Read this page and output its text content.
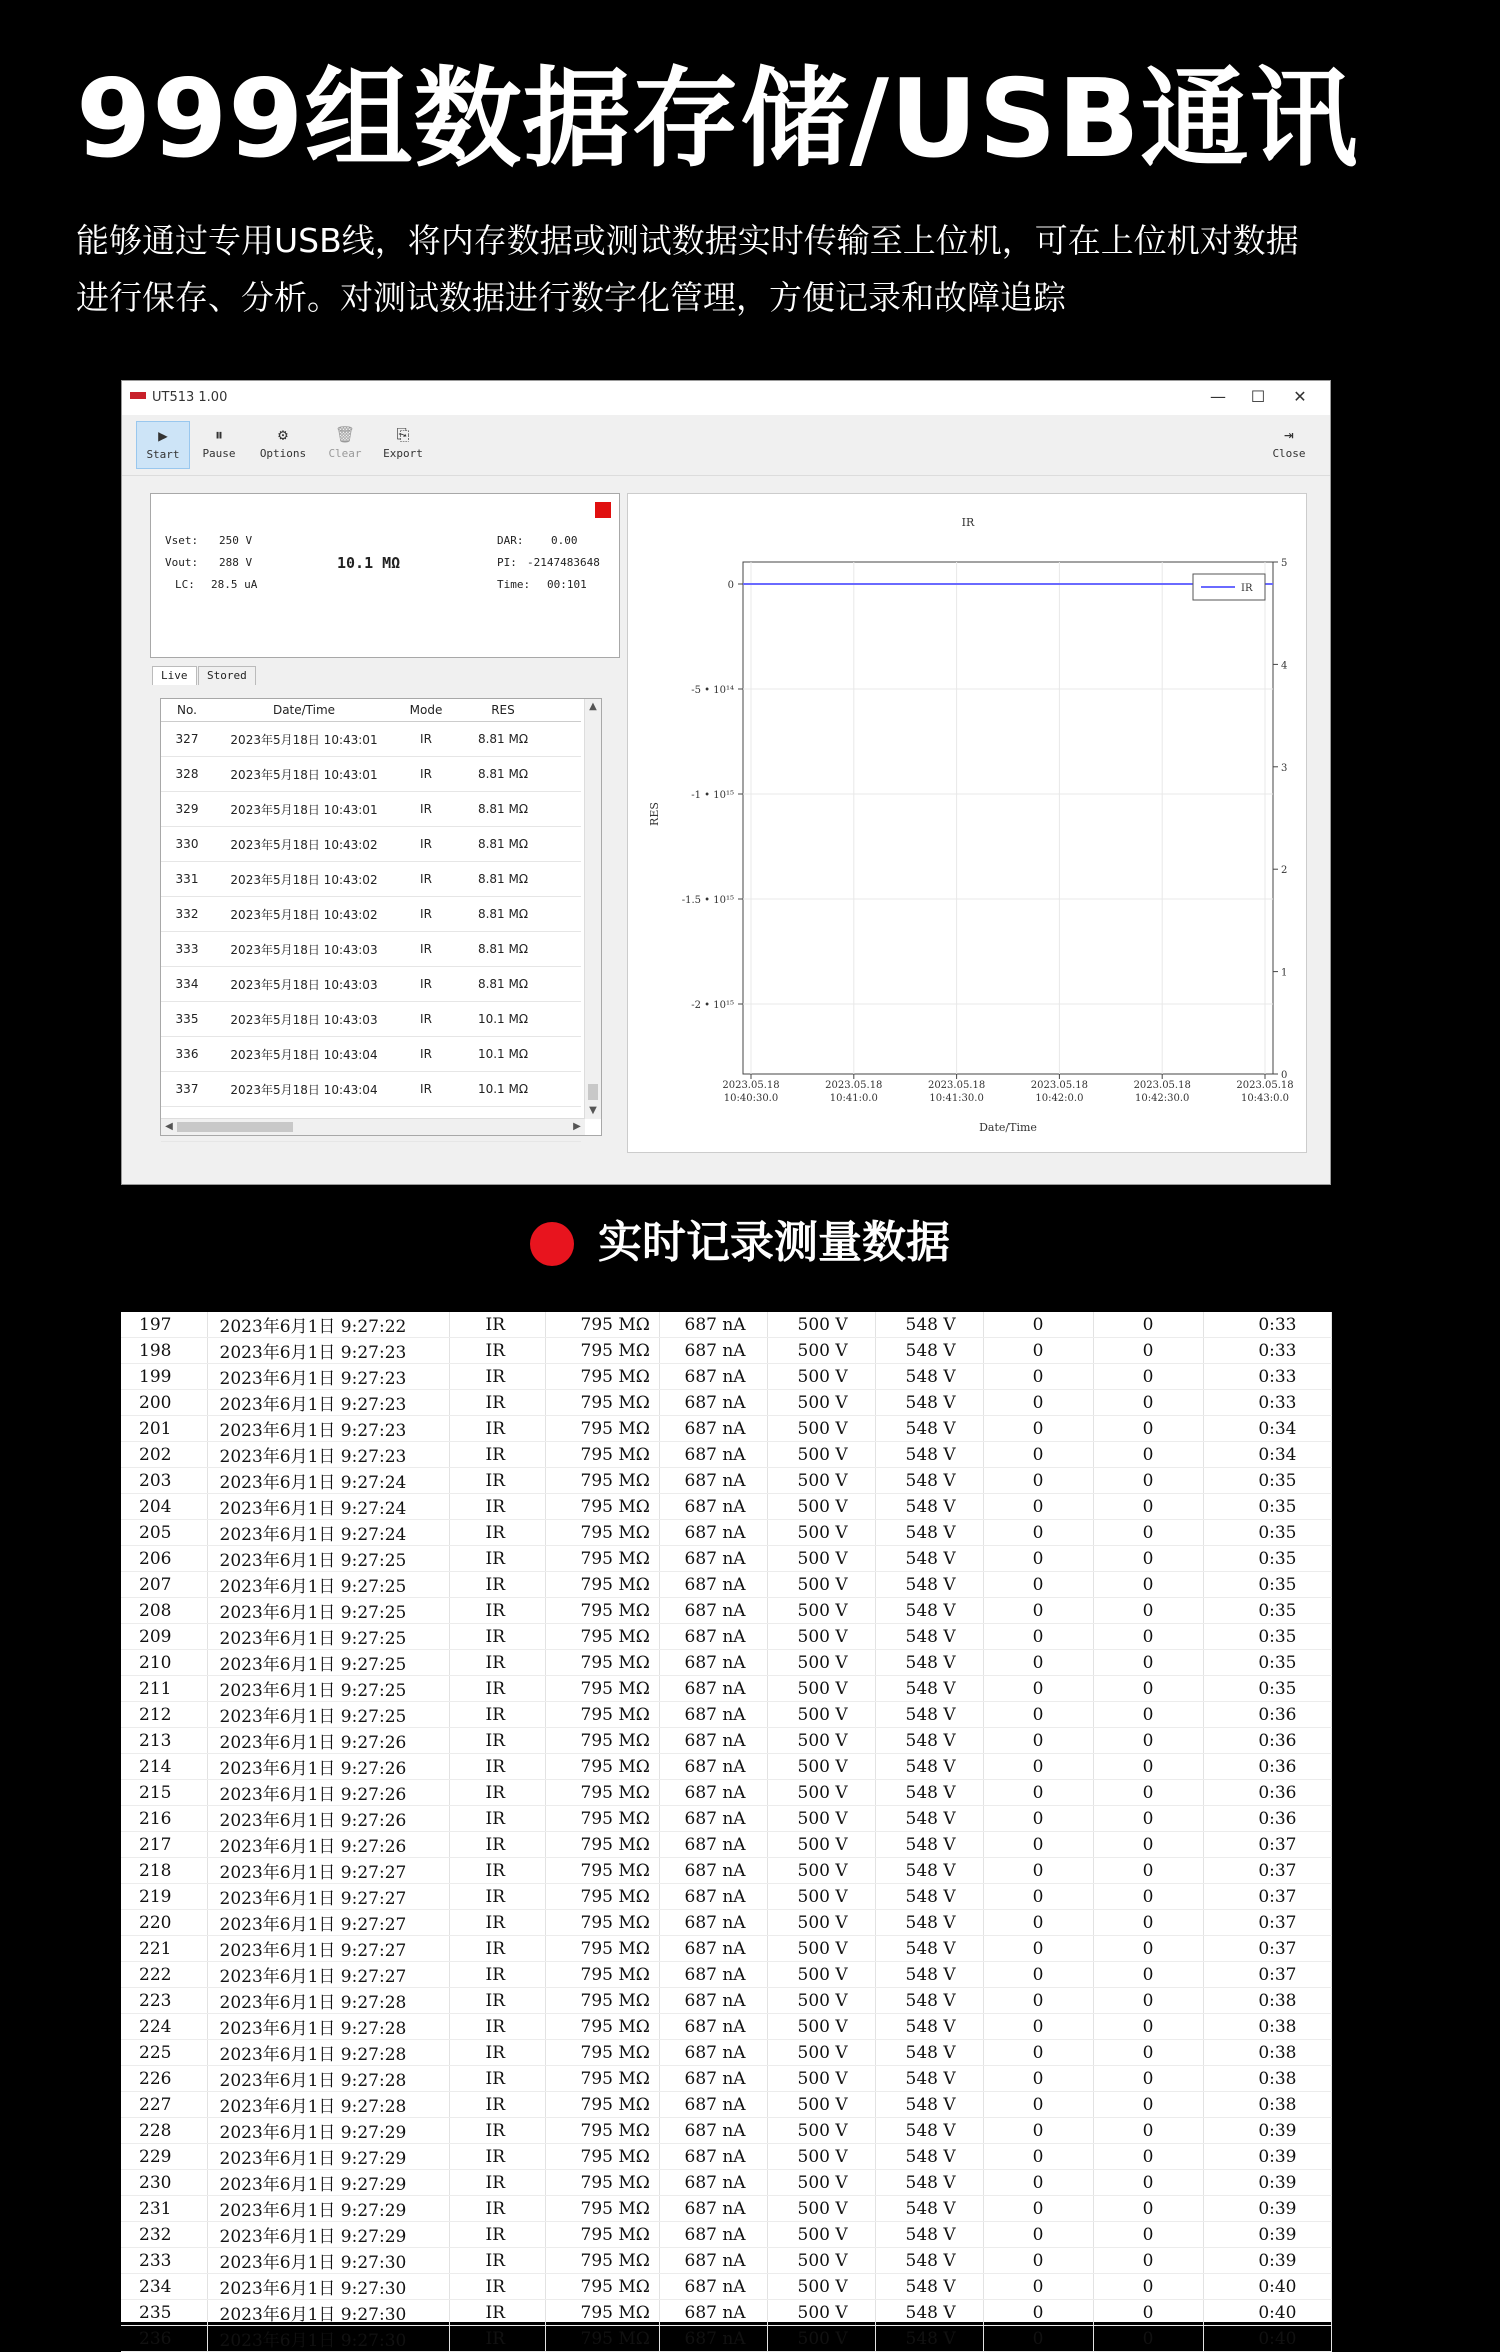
999组数据存储/USB通讯
能够通过专用USB线，将内存数据或测试数据实时传输至上位机，可在上位机对数据
进行保存、分析。对测试数据进行数字化管理，方便记录和故障追踪
UT513 1.00	—	☐	✕
▶
Start
⏸
Pause
⚙
Options
🗑
Clear
⎘
Export
⇥
Close
Vset: 250 V
Vout: 288 V
LC: 28.5 uA
10.1 MΩ
DAR:	0.00
PI: -2147483648
Time: 00:101
Live	Stored
No.	Date/Time	Mode	RES	
327	2023年5月18日 10:43:01	IR	8.81 MΩ	
328	2023年5月18日 10:43:01	IR	8.81 MΩ	
329	2023年5月18日 10:43:01	IR	8.81 MΩ	
330	2023年5月18日 10:43:02	IR	8.81 MΩ	
331	2023年5月18日 10:43:02	IR	8.81 MΩ	
332	2023年5月18日 10:43:02	IR	8.81 MΩ	
333	2023年5月18日 10:43:03	IR	8.81 MΩ	
334	2023年5月18日 10:43:03	IR	8.81 MΩ	
335	2023年5月18日 10:43:03	IR	10.1 MΩ	
336	2023年5月18日 10:43:04	IR	10.1 MΩ	
337	2023年5月18日 10:43:04	IR	10.1 MΩ	

▲
▼
◀	▶
2023.05.18
10:40:30.0
2023.05.18
10:41:0.0
2023.05.18
10:41:30.0
2023.05.18
10:42:0.0
2023.05.18
10:42:30.0
2023.05.18
10:43:0.0
0
-5 • 10¹⁴
-1 • 10¹⁵
-1.5 • 10¹⁵
-2 • 10¹⁵
5
4
3
2
1
0
IR
Date/Time
RES
IR
实时记录测量数据
197	2023年6月1日 9:27:22	IR	795 MΩ	687 nA	500 V	548 V	0	0	0:33
198	2023年6月1日 9:27:23	IR	795 MΩ	687 nA	500 V	548 V	0	0	0:33
199	2023年6月1日 9:27:23	IR	795 MΩ	687 nA	500 V	548 V	0	0	0:33
200	2023年6月1日 9:27:23	IR	795 MΩ	687 nA	500 V	548 V	0	0	0:33
201	2023年6月1日 9:27:23	IR	795 MΩ	687 nA	500 V	548 V	0	0	0:34
202	2023年6月1日 9:27:23	IR	795 MΩ	687 nA	500 V	548 V	0	0	0:34
203	2023年6月1日 9:27:24	IR	795 MΩ	687 nA	500 V	548 V	0	0	0:35
204	2023年6月1日 9:27:24	IR	795 MΩ	687 nA	500 V	548 V	0	0	0:35
205	2023年6月1日 9:27:24	IR	795 MΩ	687 nA	500 V	548 V	0	0	0:35
206	2023年6月1日 9:27:25	IR	795 MΩ	687 nA	500 V	548 V	0	0	0:35
207	2023年6月1日 9:27:25	IR	795 MΩ	687 nA	500 V	548 V	0	0	0:35
208	2023年6月1日 9:27:25	IR	795 MΩ	687 nA	500 V	548 V	0	0	0:35
209	2023年6月1日 9:27:25	IR	795 MΩ	687 nA	500 V	548 V	0	0	0:35
210	2023年6月1日 9:27:25	IR	795 MΩ	687 nA	500 V	548 V	0	0	0:35
211	2023年6月1日 9:27:25	IR	795 MΩ	687 nA	500 V	548 V	0	0	0:35
212	2023年6月1日 9:27:25	IR	795 MΩ	687 nA	500 V	548 V	0	0	0:36
213	2023年6月1日 9:27:26	IR	795 MΩ	687 nA	500 V	548 V	0	0	0:36
214	2023年6月1日 9:27:26	IR	795 MΩ	687 nA	500 V	548 V	0	0	0:36
215	2023年6月1日 9:27:26	IR	795 MΩ	687 nA	500 V	548 V	0	0	0:36
216	2023年6月1日 9:27:26	IR	795 MΩ	687 nA	500 V	548 V	0	0	0:36
217	2023年6月1日 9:27:26	IR	795 MΩ	687 nA	500 V	548 V	0	0	0:37
218	2023年6月1日 9:27:27	IR	795 MΩ	687 nA	500 V	548 V	0	0	0:37
219	2023年6月1日 9:27:27	IR	795 MΩ	687 nA	500 V	548 V	0	0	0:37
220	2023年6月1日 9:27:27	IR	795 MΩ	687 nA	500 V	548 V	0	0	0:37
221	2023年6月1日 9:27:27	IR	795 MΩ	687 nA	500 V	548 V	0	0	0:37
222	2023年6月1日 9:27:27	IR	795 MΩ	687 nA	500 V	548 V	0	0	0:37
223	2023年6月1日 9:27:28	IR	795 MΩ	687 nA	500 V	548 V	0	0	0:38
224	2023年6月1日 9:27:28	IR	795 MΩ	687 nA	500 V	548 V	0	0	0:38
225	2023年6月1日 9:27:28	IR	795 MΩ	687 nA	500 V	548 V	0	0	0:38
226	2023年6月1日 9:27:28	IR	795 MΩ	687 nA	500 V	548 V	0	0	0:38
227	2023年6月1日 9:27:28	IR	795 MΩ	687 nA	500 V	548 V	0	0	0:38
228	2023年6月1日 9:27:29	IR	795 MΩ	687 nA	500 V	548 V	0	0	0:39
229	2023年6月1日 9:27:29	IR	795 MΩ	687 nA	500 V	548 V	0	0	0:39
230	2023年6月1日 9:27:29	IR	795 MΩ	687 nA	500 V	548 V	0	0	0:39
231	2023年6月1日 9:27:29	IR	795 MΩ	687 nA	500 V	548 V	0	0	0:39
232	2023年6月1日 9:27:29	IR	795 MΩ	687 nA	500 V	548 V	0	0	0:39
233	2023年6月1日 9:27:30	IR	795 MΩ	687 nA	500 V	548 V	0	0	0:39
234	2023年6月1日 9:27:30	IR	795 MΩ	687 nA	500 V	548 V	0	0	0:40
235	2023年6月1日 9:27:30	IR	795 MΩ	687 nA	500 V	548 V	0	0	0:40
236	2023年6月1日 9:27:30	IR	795 MΩ	687 nA	500 V	548 V	0	0	0:40
